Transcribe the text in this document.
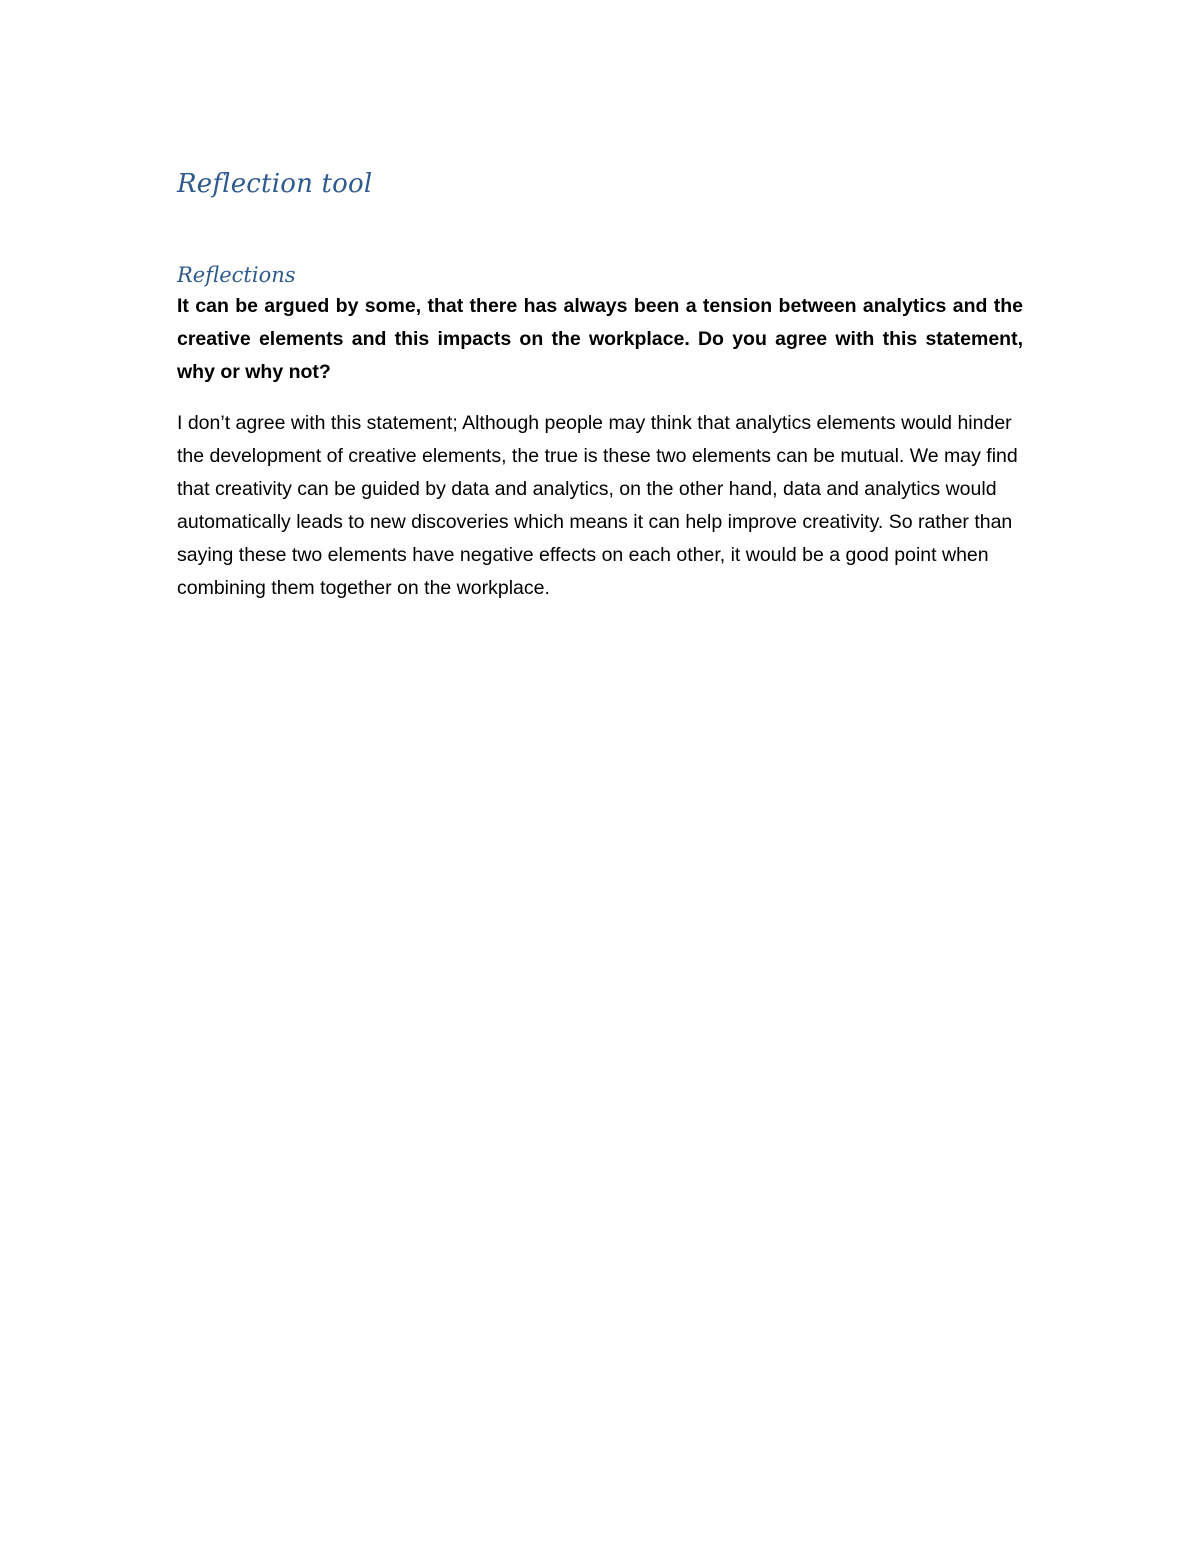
Reflection tool
Reflections

It can be argued by some, that there has always been a tension between analytics and the creative elements and this impacts on the workplace. Do you agree with this statement, why or why not?

I don’t agree with this statement; Although people may think that analytics elements would hinder the development of creative elements, the true is these two elements can be mutual. We may find that creativity can be guided by data and analytics, on the other hand, data and analytics would automatically leads to new discoveries which means it can help improve creativity. So rather than saying these two elements have negative effects on each other, it would be a good point when combining them together on the workplace.
